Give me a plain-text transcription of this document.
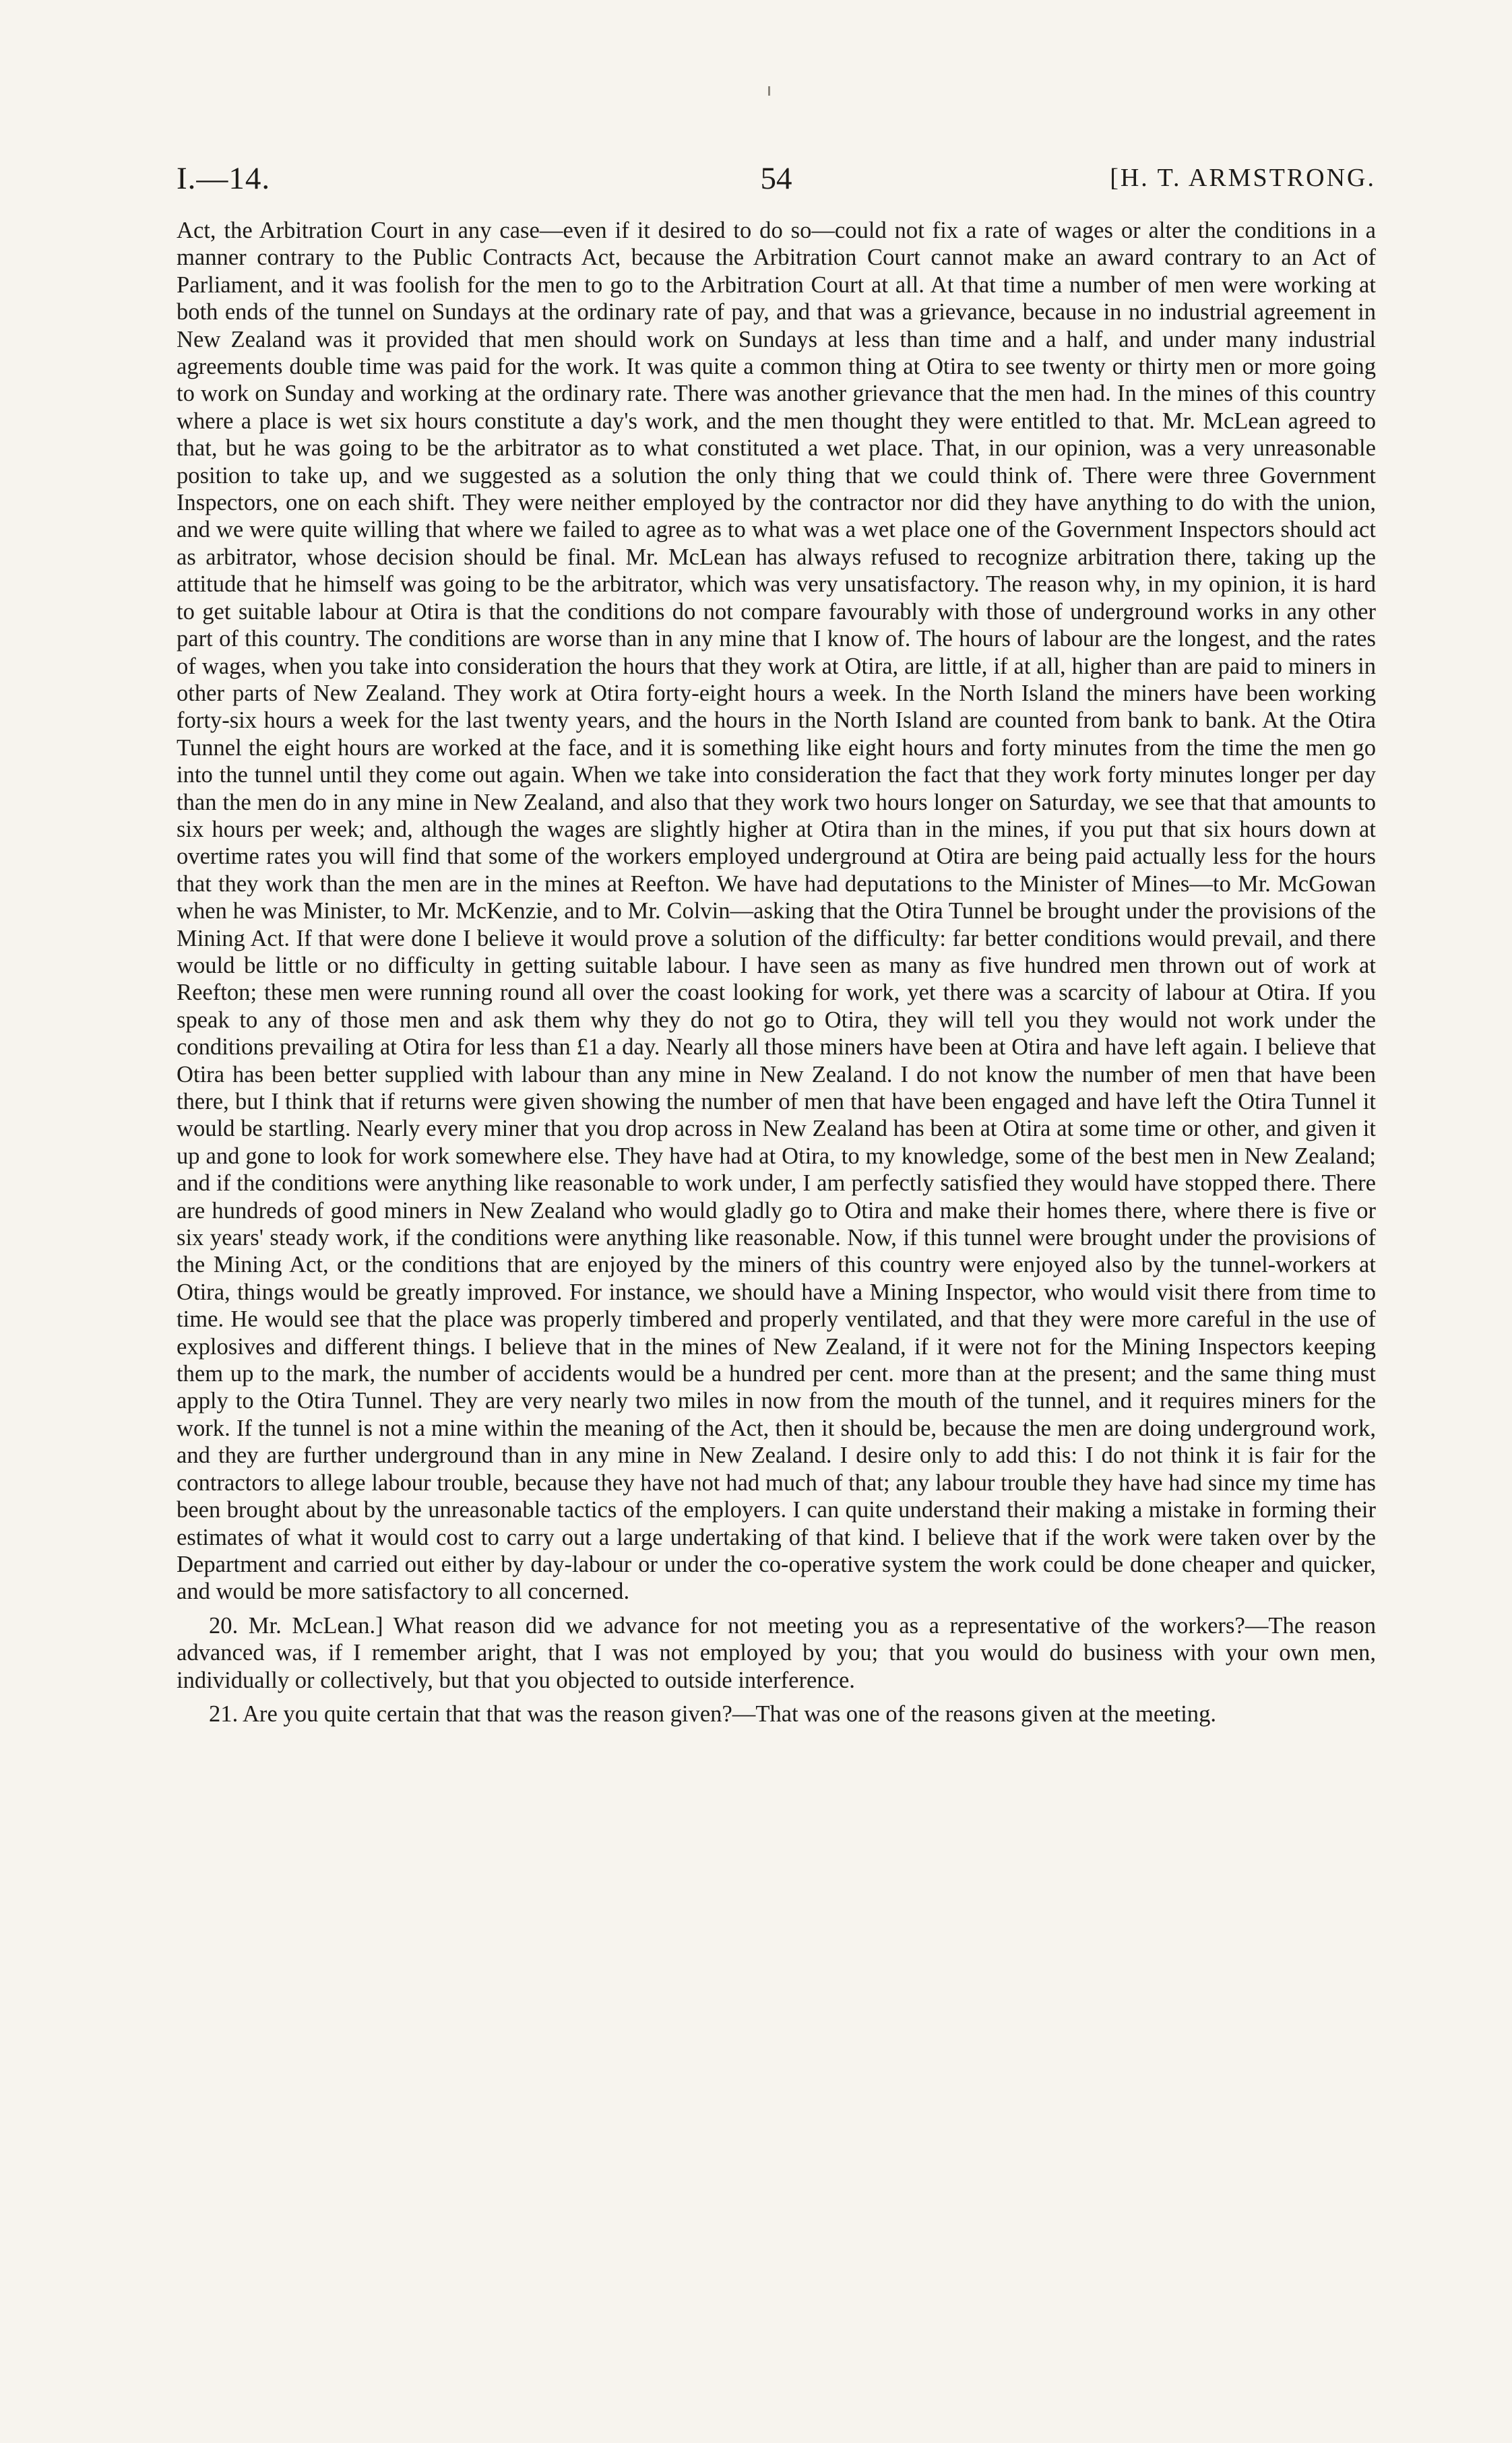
I.—14.	54	[H. T. ARMSTRONG.

Act, the Arbitration Court in any case—even if it desired to do so—could not fix a rate of wages or alter the conditions in a manner contrary to the Public Contracts Act, because the Arbitration Court cannot make an award contrary to an Act of Parliament, and it was foolish for the men to go to the Arbitration Court at all. At that time a number of men were working at both ends of the tunnel on Sundays at the ordinary rate of pay, and that was a grievance, because in no industrial agreement in New Zealand was it provided that men should work on Sundays at less than time and a half, and under many industrial agreements double time was paid for the work. It was quite a common thing at Otira to see twenty or thirty men or more going to work on Sunday and working at the ordinary rate. There was another grievance that the men had. In the mines of this country where a place is wet six hours constitute a day's work, and the men thought they were entitled to that. Mr. McLean agreed to that, but he was going to be the arbitrator as to what constituted a wet place. That, in our opinion, was a very unreasonable position to take up, and we suggested as a solution the only thing that we could think of. There were three Government Inspectors, one on each shift. They were neither employed by the contractor nor did they have anything to do with the union, and we were quite willing that where we failed to agree as to what was a wet place one of the Government Inspectors should act as arbitrator, whose decision should be final. Mr. McLean has always refused to recognize arbitration there, taking up the attitude that he himself was going to be the arbitrator, which was very unsatisfactory. The reason why, in my opinion, it is hard to get suitable labour at Otira is that the conditions do not compare favourably with those of underground works in any other part of this country. The conditions are worse than in any mine that I know of. The hours of labour are the longest, and the rates of wages, when you take into consideration the hours that they work at Otira, are little, if at all, higher than are paid to miners in other parts of New Zealand. They work at Otira forty-eight hours a week. In the North Island the miners have been working forty-six hours a week for the last twenty years, and the hours in the North Island are counted from bank to bank. At the Otira Tunnel the eight hours are worked at the face, and it is something like eight hours and forty minutes from the time the men go into the tunnel until they come out again. When we take into consideration the fact that they work forty minutes longer per day than the men do in any mine in New Zealand, and also that they work two hours longer on Saturday, we see that that amounts to six hours per week; and, although the wages are slightly higher at Otira than in the mines, if you put that six hours down at overtime rates you will find that some of the workers employed underground at Otira are being paid actually less for the hours that they work than the men are in the mines at Reefton. We have had deputations to the Minister of Mines—to Mr. McGowan when he was Minister, to Mr. McKenzie, and to Mr. Colvin—asking that the Otira Tunnel be brought under the provisions of the Mining Act. If that were done I believe it would prove a solution of the difficulty: far better conditions would prevail, and there would be little or no difficulty in getting suitable labour. I have seen as many as five hundred men thrown out of work at Reefton; these men were running round all over the coast looking for work, yet there was a scarcity of labour at Otira. If you speak to any of those men and ask them why they do not go to Otira, they will tell you they would not work under the conditions prevailing at Otira for less than £1 a day. Nearly all those miners have been at Otira and have left again. I believe that Otira has been better supplied with labour than any mine in New Zealand. I do not know the number of men that have been there, but I think that if returns were given showing the number of men that have been engaged and have left the Otira Tunnel it would be startling. Nearly every miner that you drop across in New Zealand has been at Otira at some time or other, and given it up and gone to look for work somewhere else. They have had at Otira, to my knowledge, some of the best men in New Zealand; and if the conditions were anything like reasonable to work under, I am perfectly satisfied they would have stopped there. There are hundreds of good miners in New Zealand who would gladly go to Otira and make their homes there, where there is five or six years' steady work, if the conditions were anything like reasonable. Now, if this tunnel were brought under the provisions of the Mining Act, or the conditions that are enjoyed by the miners of this country were enjoyed also by the tunnel-workers at Otira, things would be greatly improved. For instance, we should have a Mining Inspector, who would visit there from time to time. He would see that the place was properly timbered and properly ventilated, and that they were more careful in the use of explosives and different things. I believe that in the mines of New Zealand, if it were not for the Mining Inspectors keeping them up to the mark, the number of accidents would be a hundred per cent. more than at the present; and the same thing must apply to the Otira Tunnel. They are very nearly two miles in now from the mouth of the tunnel, and it requires miners for the work. If the tunnel is not a mine within the meaning of the Act, then it should be, because the men are doing underground work, and they are further underground than in any mine in New Zealand. I desire only to add this: I do not think it is fair for the contractors to allege labour trouble, because they have not had much of that; any labour trouble they have had since my time has been brought about by the unreasonable tactics of the employers. I can quite understand their making a mistake in forming their estimates of what it would cost to carry out a large undertaking of that kind. I believe that if the work were taken over by the Department and carried out either by day-labour or under the co-operative system the work could be done cheaper and quicker, and would be more satisfactory to all concerned.

20. Mr. McLean.] What reason did we advance for not meeting you as a representative of the workers?—The reason advanced was, if I remember aright, that I was not employed by you; that you would do business with your own men, individually or collectively, but that you objected to outside interference.

21. Are you quite certain that that was the reason given?—That was one of the reasons given at the meeting.
